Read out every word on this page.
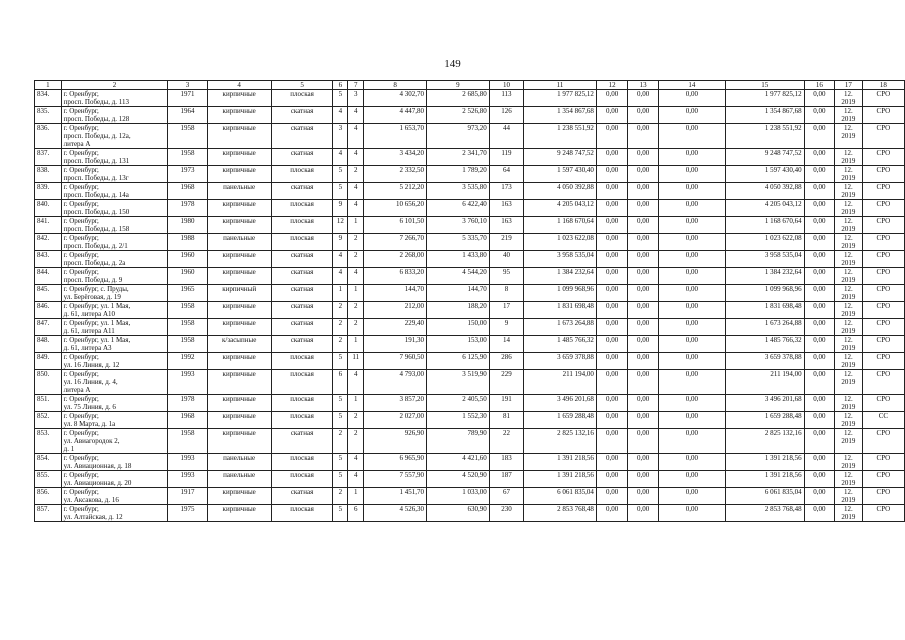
149
1	2	3	4	5	6	7	8	9	10	11	12	13	14	15	16	17	18
834.	г. Оренбург,
просп. Победы, д. 113	1971	кирпичные	плоская	5	3	4 302,70	2 685,80	113	1 977 825,12	0,00	0,00	0,00	1 977 825,12	0,00	12.
2019	СРО
835.	г. Оренбург,
просп. Победы, д. 128	1964	кирпичные	скатная	4	4	4 447,80	2 526,80	126	1 354 867,68	0,00	0,00	0,00	1 354 867,68	0,00	12.
2019	СРО
836.	г. Оренбург,
просп. Победы, д. 12а,
литера А	1958	кирпичные	скатная	3	4	1 653,70	973,20	44	1 238 551,92	0,00	0,00	0,00	1 238 551,92	0,00	12.
2019	СРО
837.	г. Оренбург,
просп. Победы, д. 131	1958	кирпичные	скатная	4	4	3 434,20	2 341,70	119	9 248 747,52	0,00	0,00	0,00	9 248 747,52	0,00	12.
2019	СРО
838.	г. Оренбург,
просп. Победы, д. 13г	1973	кирпичные	плоская	5	2	2 332,50	1 789,20	64	1 597 430,40	0,00	0,00	0,00	1 597 430,40	0,00	12.
2019	СРО
839.	г. Оренбург,
просп. Победы, д. 14а	1968	панельные	скатная	5	4	5 212,20	3 535,80	173	4 050 392,88	0,00	0,00	0,00	4 050 392,88	0,00	12.
2019	СРО
840.	г. Оренбург,
просп. Победы, д. 150	1978	кирпичные	плоская	9	4	10 656,20	6 422,40	163	4 205 043,12	0,00	0,00	0,00	4 205 043,12	0,00	12.
2019	СРО
841.	г. Оренбург,
просп. Победы, д. 158	1980	кирпичные	плоская	12	1	6 101,50	3 760,10	163	1 168 670,64	0,00	0,00	0,00	1 168 670,64	0,00	12.
2019	СРО
842.	г. Оренбург,
просп. Победы, д. 2/1	1988	панельные	плоская	9	2	7 266,70	5 335,70	219	1 023 622,08	0,00	0,00	0,00	1 023 622,08	0,00	12.
2019	СРО
843.	г. Оренбург,
просп. Победы, д. 2а	1960	кирпичные	скатная	4	2	2 268,00	1 433,80	40	3 958 535,04	0,00	0,00	0,00	3 958 535,04	0,00	12.
2019	СРО
844.	г. Оренбург,
просп. Победы, д. 9	1960	кирпичные	скатная	4	4	6 833,20	4 544,20	95	1 384 232,64	0,00	0,00	0,00	1 384 232,64	0,00	12.
2019	СРО
845.	г. Оренбург, с. Пруды,
ул. Берёговая, д. 19	1965	кирпичный	скатная	1	1	144,70	144,70	8	1 099 968,96	0,00	0,00	0,00	1 099 968,96	0,00	12.
2019	СРО
846.	г. Оренбург, ул. 1 Мая,
д. 61, литера А10	1958	кирпичные	скатная	2	2	212,00	188,20	17	1 831 698,48	0,00	0,00	0,00	1 831 698,48	0,00	12.
2019	СРО
847.	г. Оренбург, ул. 1 Мая,
д. 61, литера А11	1958	кирпичные	скатная	2	2	229,40	150,00	9	1 673 264,88	0,00	0,00	0,00	1 673 264,88	0,00	12.
2019	СРО
848.	г. Оренбург, ул. 1 Мая,
д. 61, литера А3	1958	к/засыпные	скатная	2	1	191,30	153,00	14	1 485 766,32	0,00	0,00	0,00	1 485 766,32	0,00	12.
2019	СРО
849.	г. Оренбург,
ул. 16 Линия, д. 12	1992	кирпичные	плоская	5	11	7 960,50	6 125,90	286	3 659 378,88	0,00	0,00	0,00	3 659 378,88	0,00	12.
2019	СРО
850.	г. Оренбург,
ул. 16 Линия, д. 4,
литера А	1993	кирпичные	плоская	6	4	4 793,00	3 519,90	229	211 194,00	0,00	0,00	0,00	211 194,00	0,00	12.
2019	СРО
851.	г. Оренбург,
ул. 75 Линия, д. 6	1978	кирпичные	плоская	5	1	3 857,20	2 405,50	191	3 496 201,68	0,00	0,00	0,00	3 496 201,68	0,00	12.
2019	СРО
852.	г. Оренбург,
ул. 8 Марта, д. 1а	1968	кирпичные	плоская	5	2	2 027,00	1 552,30	81	1 659 288,48	0,00	0,00	0,00	1 659 288,48	0,00	12.
2019	СС
853.	г. Оренбург,
ул. Авиагородок 2,
д. 1	1958	кирпичные	скатная	2	2	926,90	789,90	22	2 825 132,16	0,00	0,00	0,00	2 825 132,16	0,00	12.
2019	СРО
854.	г. Оренбург,
ул. Авиационная, д. 18	1993	панельные	плоская	5	4	6 965,90	4 421,60	183	1 391 218,56	0,00	0,00	0,00	1 391 218,56	0,00	12.
2019	СРО
855.	г. Оренбург,
ул. Авиационная, д. 20	1993	панельные	плоская	5	4	7 557,90	4 520,90	187	1 391 218,56	0,00	0,00	0,00	1 391 218,56	0,00	12.
2019	СРО
856.	г. Оренбург,
ул. Аксакова, д. 16	1917	кирпичные	скатная	2	1	1 451,70	1 033,00	67	6 061 835,04	0,00	0,00	0,00	6 061 835,04	0,00	12.
2019	СРО
857.	г. Оренбург,
ул. Алтайская, д. 12	1975	кирпичные	плоская	5	6	4 526,30	630,90	230	2 853 768,48	0,00	0,00	0,00	2 853 768,48	0,00	12.
2019	СРО
